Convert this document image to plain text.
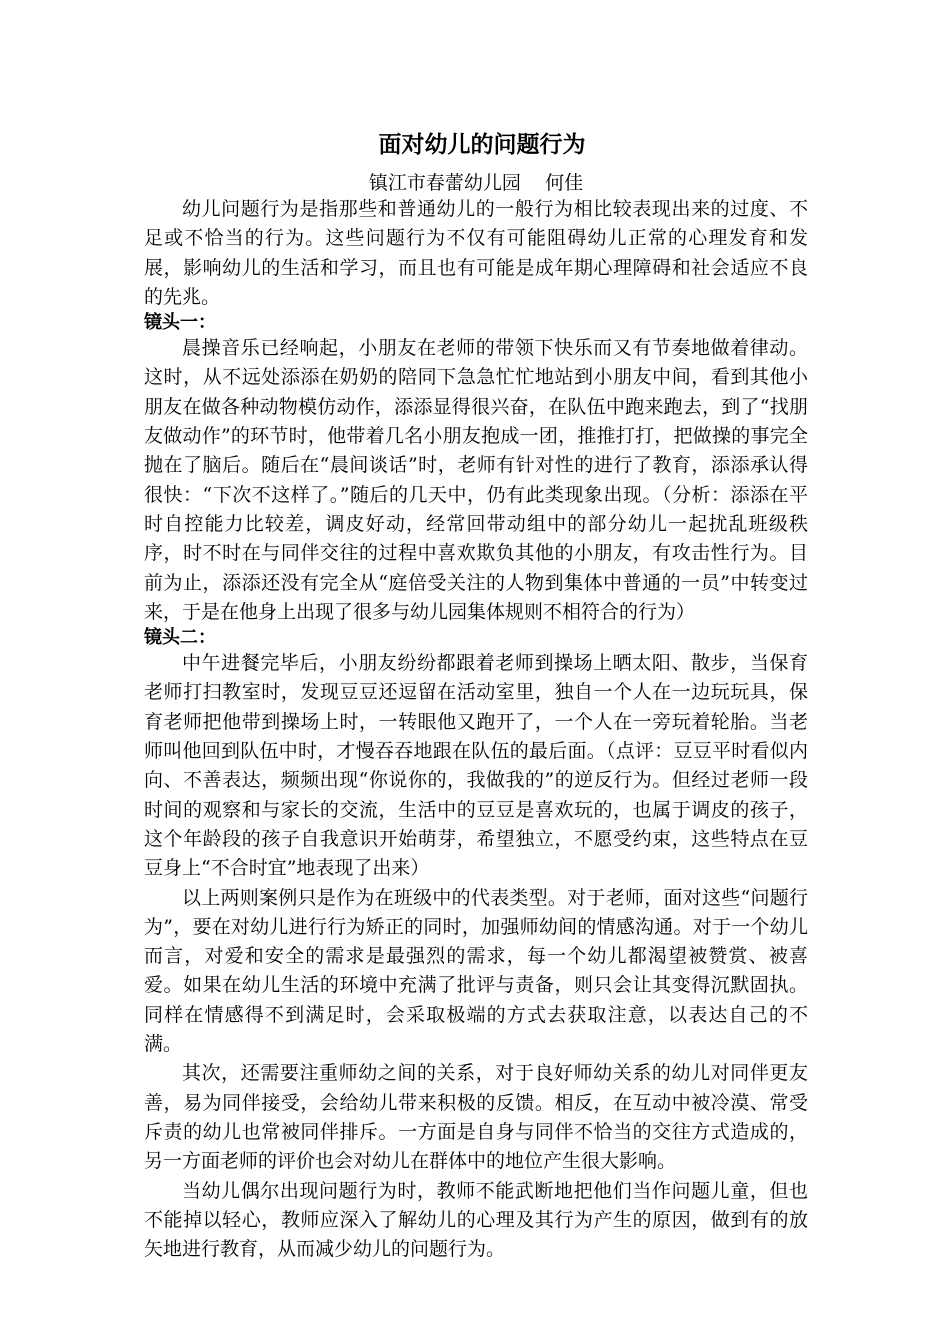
面对幼儿的问题行为
镇江市春蕾幼儿园    何佳

幼儿问题行为是指那些和普通幼儿的一般行为相比较表现出来的过度、不足或不恰当的行为。这些问题行为不仅有可能阻碍幼儿正常的心理发育和发展，影响幼儿的生活和学习，而且也有可能是成年期心理障碍和社会适应不良的先兆。

镜头一：

晨操音乐已经响起，小朋友在老师的带领下快乐而又有节奏地做着律动。这时，从不远处添添在奶奶的陪同下急急忙忙地站到小朋友中间，看到其他小朋友在做各种动物模仿动作，添添显得很兴奋，在队伍中跑来跑去，到了“找朋友做动作”的环节时，他带着几名小朋友抱成一团，推推打打，把做操的事完全抛在了脑后。随后在“晨间谈话”时，老师有针对性的进行了教育，添添承认得很快：“下次不这样了。”随后的几天中，仍有此类现象出现。（分析：添添在平时自控能力比较差，调皮好动，经常回带动组中的部分幼儿一起扰乱班级秩序，时不时在与同伴交往的过程中喜欢欺负其他的小朋友，有攻击性行为。目前为止，添添还没有完全从“庭倍受关注的人物到集体中普通的一员”中转变过来，于是在他身上出现了很多与幼儿园集体规则不相符合的行为）

镜头二：

中午进餐完毕后，小朋友纷纷都跟着老师到操场上晒太阳、散步，当保育老师打扫教室时，发现豆豆还逗留在活动室里，独自一个人在一边玩玩具，保育老师把他带到操场上时，一转眼他又跑开了，一个人在一旁玩着轮胎。当老师叫他回到队伍中时，才慢吞吞地跟在队伍的最后面。（点评：豆豆平时看似内向、不善表达，频频出现“你说你的，我做我的”的逆反行为。但经过老师一段时间的观察和与家长的交流，生活中的豆豆是喜欢玩的，也属于调皮的孩子，这个年龄段的孩子自我意识开始萌芽，希望独立，不愿受约束，这些特点在豆豆身上“不合时宜”地表现了出来）

以上两则案例只是作为在班级中的代表类型。对于老师，面对这些“问题行为”，要在对幼儿进行行为矫正的同时，加强师幼间的情感沟通。对于一个幼儿而言，对爱和安全的需求是最强烈的需求，每一个幼儿都渴望被赞赏、被喜爱。如果在幼儿生活的环境中充满了批评与责备，则只会让其变得沉默固执。同样在情感得不到满足时，会采取极端的方式去获取注意，以表达自己的不满。

其次，还需要注重师幼之间的关系，对于良好师幼关系的幼儿对同伴更友善，易为同伴接受，会给幼儿带来积极的反馈。相反，在互动中被冷漠、常受斥责的幼儿也常被同伴排斥。一方面是自身与同伴不恰当的交往方式造成的，另一方面老师的评价也会对幼儿在群体中的地位产生很大影响。

当幼儿偶尔出现问题行为时，教师不能武断地把他们当作问题儿童，但也不能掉以轻心，教师应深入了解幼儿的心理及其行为产生的原因，做到有的放矢地进行教育，从而减少幼儿的问题行为。
